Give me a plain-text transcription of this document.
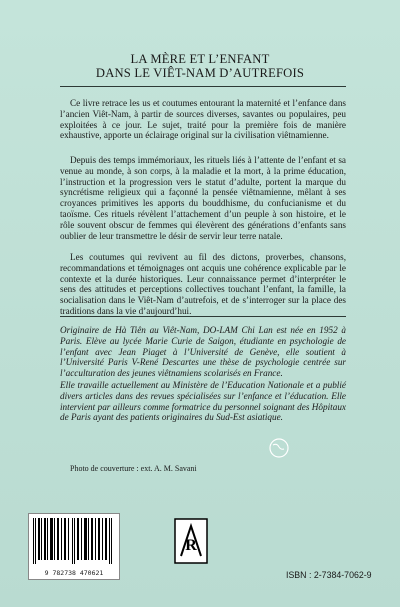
LA MÈRE ET L’ENFANT
DANS LE VIÊT-NAM D’AUTREFOIS
Ce livre retrace les us et coutumes entourant la maternité et l’enfance dans l’ancien Viêt-Nam, à partir de sources diverses, savantes ou populaires, peu exploitées à ce jour. Le sujet, traité pour la première fois de manière exhaustive, apporte un éclairage original sur la civilisation viêtnamienne.
Depuis des temps immémoriaux, les rituels liés à l’attente de l’enfant et sa venue au monde, à son corps, à la maladie et la mort, à la prime éducation, l’instruction et la progression vers le statut d’adulte, portent la marque du syncrétisme religieux qui a façonné la pensée viêtnamienne, mêlant à ses croyances primitives les apports du bouddhisme, du confucianisme et du taoïsme. Ces rituels révèlent l’attachement d’un peuple à son histoire, et le rôle souvent obscur de femmes qui élevèrent des générations d’enfants sans oublier de leur transmettre le désir de servir leur terre natale.
Les coutumes qui revivent au fil des dictons, proverbes, chansons, recommandations et témoignages ont acquis une cohérence explicable par le contexte et la durée historiques. Leur connaissance permet d’interpréter le sens des attitudes et perceptions collectives touchant l’enfant, la famille, la socialisation dans le Viêt-Nam d’autrefois, et de s’interroger sur la place des traditions dans la vie d’aujourd’hui.
Originaire de Hà Tiên au Viêt-Nam, DO-LAM Chi Lan est née en 1952 à Paris. Elève au lycée Marie Curie de Saigon, étudiante en psychologie de l’enfant avec Jean Piaget à l’Université de Genève, elle soutient à l’Université Paris V-René Descartes une thèse de psychologie centrée sur l’acculturation des jeunes viêtnamiens scolarisés en France.
Elle travaille actuellement au Ministère de l’Education Nationale et a publié divers articles dans des revues spécialisées sur l’enfance et l’éducation. Elle intervient par ailleurs comme formatrice du personnel soignant des Hôpitaux de Paris ayant des patients originaires du Sud-Est asiatique.
Photo de couverture : ext. A. M. Savani
9 782738 470621
R
ISBN : 2-7384-7062-9
